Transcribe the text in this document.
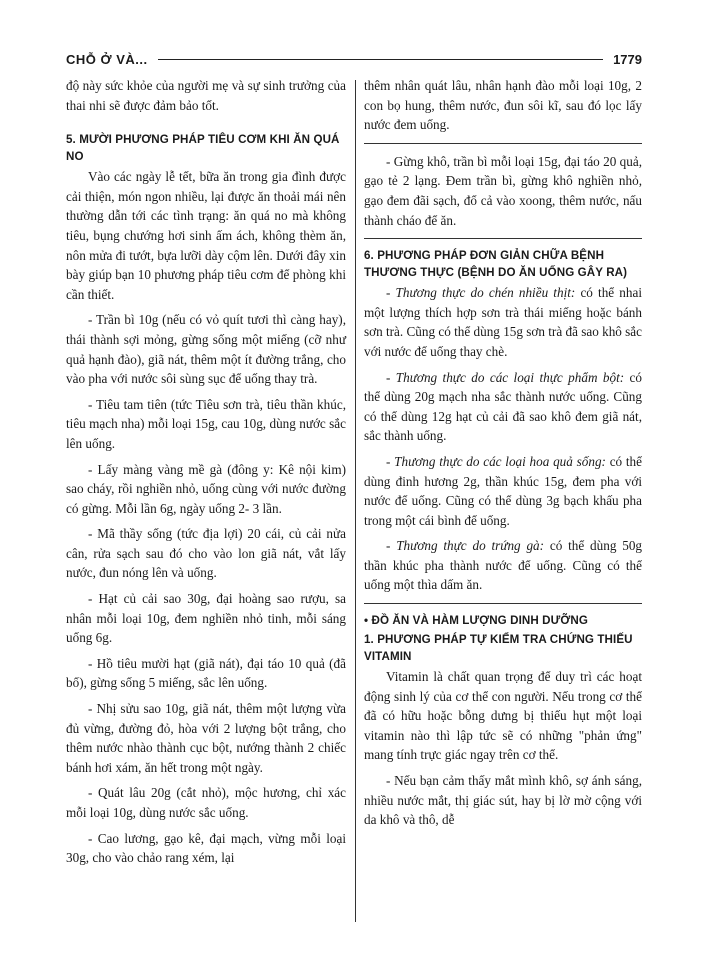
CHỖ Ở VÀ...	1779

độ này sức khỏe của người mẹ và sự sinh trưởng của thai nhi sẽ được đảm bảo tốt.

5. MƯỜI PHƯƠNG PHÁP TIÊU CƠM KHI ĂN QUÁ NO

Vào các ngày lễ tết, bữa ăn trong gia đình được cải thiện, món ngon nhiều, lại được ăn thoải mái nên thường dẫn tới các tình trạng: ăn quá no mà không tiêu, bụng chướng hơi sinh ấm ách, không thèm ăn, nôn mửa đi tướt, bựa lưỡi dày cộm lên. Dưới đây xin bày giúp bạn 10 phương pháp tiêu cơm để phòng khi cần thiết.

- Trần bì 10g (nếu có vỏ quít tươi thì càng hay), thái thành sợi mỏng, gừng sống một miếng (cỡ như quả hạnh đào), giã nát, thêm một ít đường trắng, cho vào pha với nước sôi sùng sục để uống thay trà.

- Tiêu tam tiên (tức Tiêu sơn trà, tiêu thần khúc, tiêu mạch nha) mỗi loại 15g, cau 10g, dùng nước sắc lên uống.

- Lấy màng vàng mề gà (đông y: Kê nội kim) sao cháy, rồi nghiền nhỏ, uống cùng với nước đường có gừng. Mỗi lần 6g, ngày uống 2- 3 lần.

- Mã thầy sống (tức địa lợi) 20 cái, củ cải nửa cân, rửa sạch sau đó cho vào lon giã nát, vắt lấy nước, đun nóng lên và uống.

- Hạt củ cải sao 30g, đại hoàng sao rượu, sa nhân mỗi loại 10g, đem nghiền nhỏ tinh, mỗi sáng uống 6g.

- Hồ tiêu mười hạt (giã nát), đại táo 10 quả (đã bổ), gừng sống 5 miếng, sắc lên uống.

- Nhị sửu sao 10g, giã nát, thêm một lượng vừa đủ vừng, đường đỏ, hòa với 2 lượng bột trắng, cho thêm nước nhào thành cục bột, nướng thành 2 chiếc bánh hơi xám, ăn hết trong một ngày.

- Quát lâu 20g (cắt nhỏ), mộc hương, chỉ xác mỗi loại 10g, dùng nước sắc uống.

- Cao lương, gạo kê, đại mạch, vừng mỗi loại 30g, cho vào chảo rang xém, lại

thêm nhân quát lâu, nhân hạnh đào mỗi loại 10g, 2 con bọ hung, thêm nước, đun sôi kĩ, sau đó lọc lấy nước đem uống.

- Gừng khô, trần bì mỗi loại 15g, đại táo 20 quả, gạo tẻ 2 lạng. Đem trần bì, gừng khô nghiền nhỏ, gạo đem đãi sạch, đổ cả vào xoong, thêm nước, nấu thành cháo để ăn.

6. PHƯƠNG PHÁP ĐƠN GIẢN CHỮA BỆNH THƯƠNG THỰC (BỆNH DO ĂN UỐNG GÂY RA)

- Thương thực do chén nhiều thịt: có thể nhai một lượng thích hợp sơn trà thái miếng hoặc bánh sơn trà. Cũng có thể dùng 15g sơn trà đã sao khô sắc với nước để uống thay chè.

- Thương thực do các loại thực phẩm bột: có thể dùng 20g mạch nha sắc thành nước uống. Cũng có thể dùng 12g hạt củ cải đã sao khô đem giã nát, sắc thành uống.

- Thương thực do các loại hoa quả sống: có thể dùng đinh hương 2g, thần khúc 15g, đem pha với nước để uống. Cũng có thể dùng 3g bạch khấu pha trong một cái bình để uống.

- Thương thực do trứng gà: có thể dùng 50g thần khúc pha thành nước để uống. Cũng có thể uống một thìa dấm ăn.

• ĐỒ ĂN VÀ HÀM LƯỢNG DINH DƯỠNG
1. PHƯƠNG PHÁP TỰ KIỂM TRA CHỨNG THIẾU VITAMIN

Vitamin là chất quan trọng để duy trì các hoạt động sinh lý của cơ thể con người. Nếu trong cơ thể đã có hữu hoặc bỗng dưng bị thiếu hụt một loại vitamin nào thì lập tức sẽ có những "phản ứng" mang tính trực giác ngay trên cơ thể.

- Nếu bạn cảm thấy mắt mình khô, sợ ánh sáng, nhiều nước mắt, thị giác sút, hay bị lờ mờ cộng với da khô và thô, dễ
